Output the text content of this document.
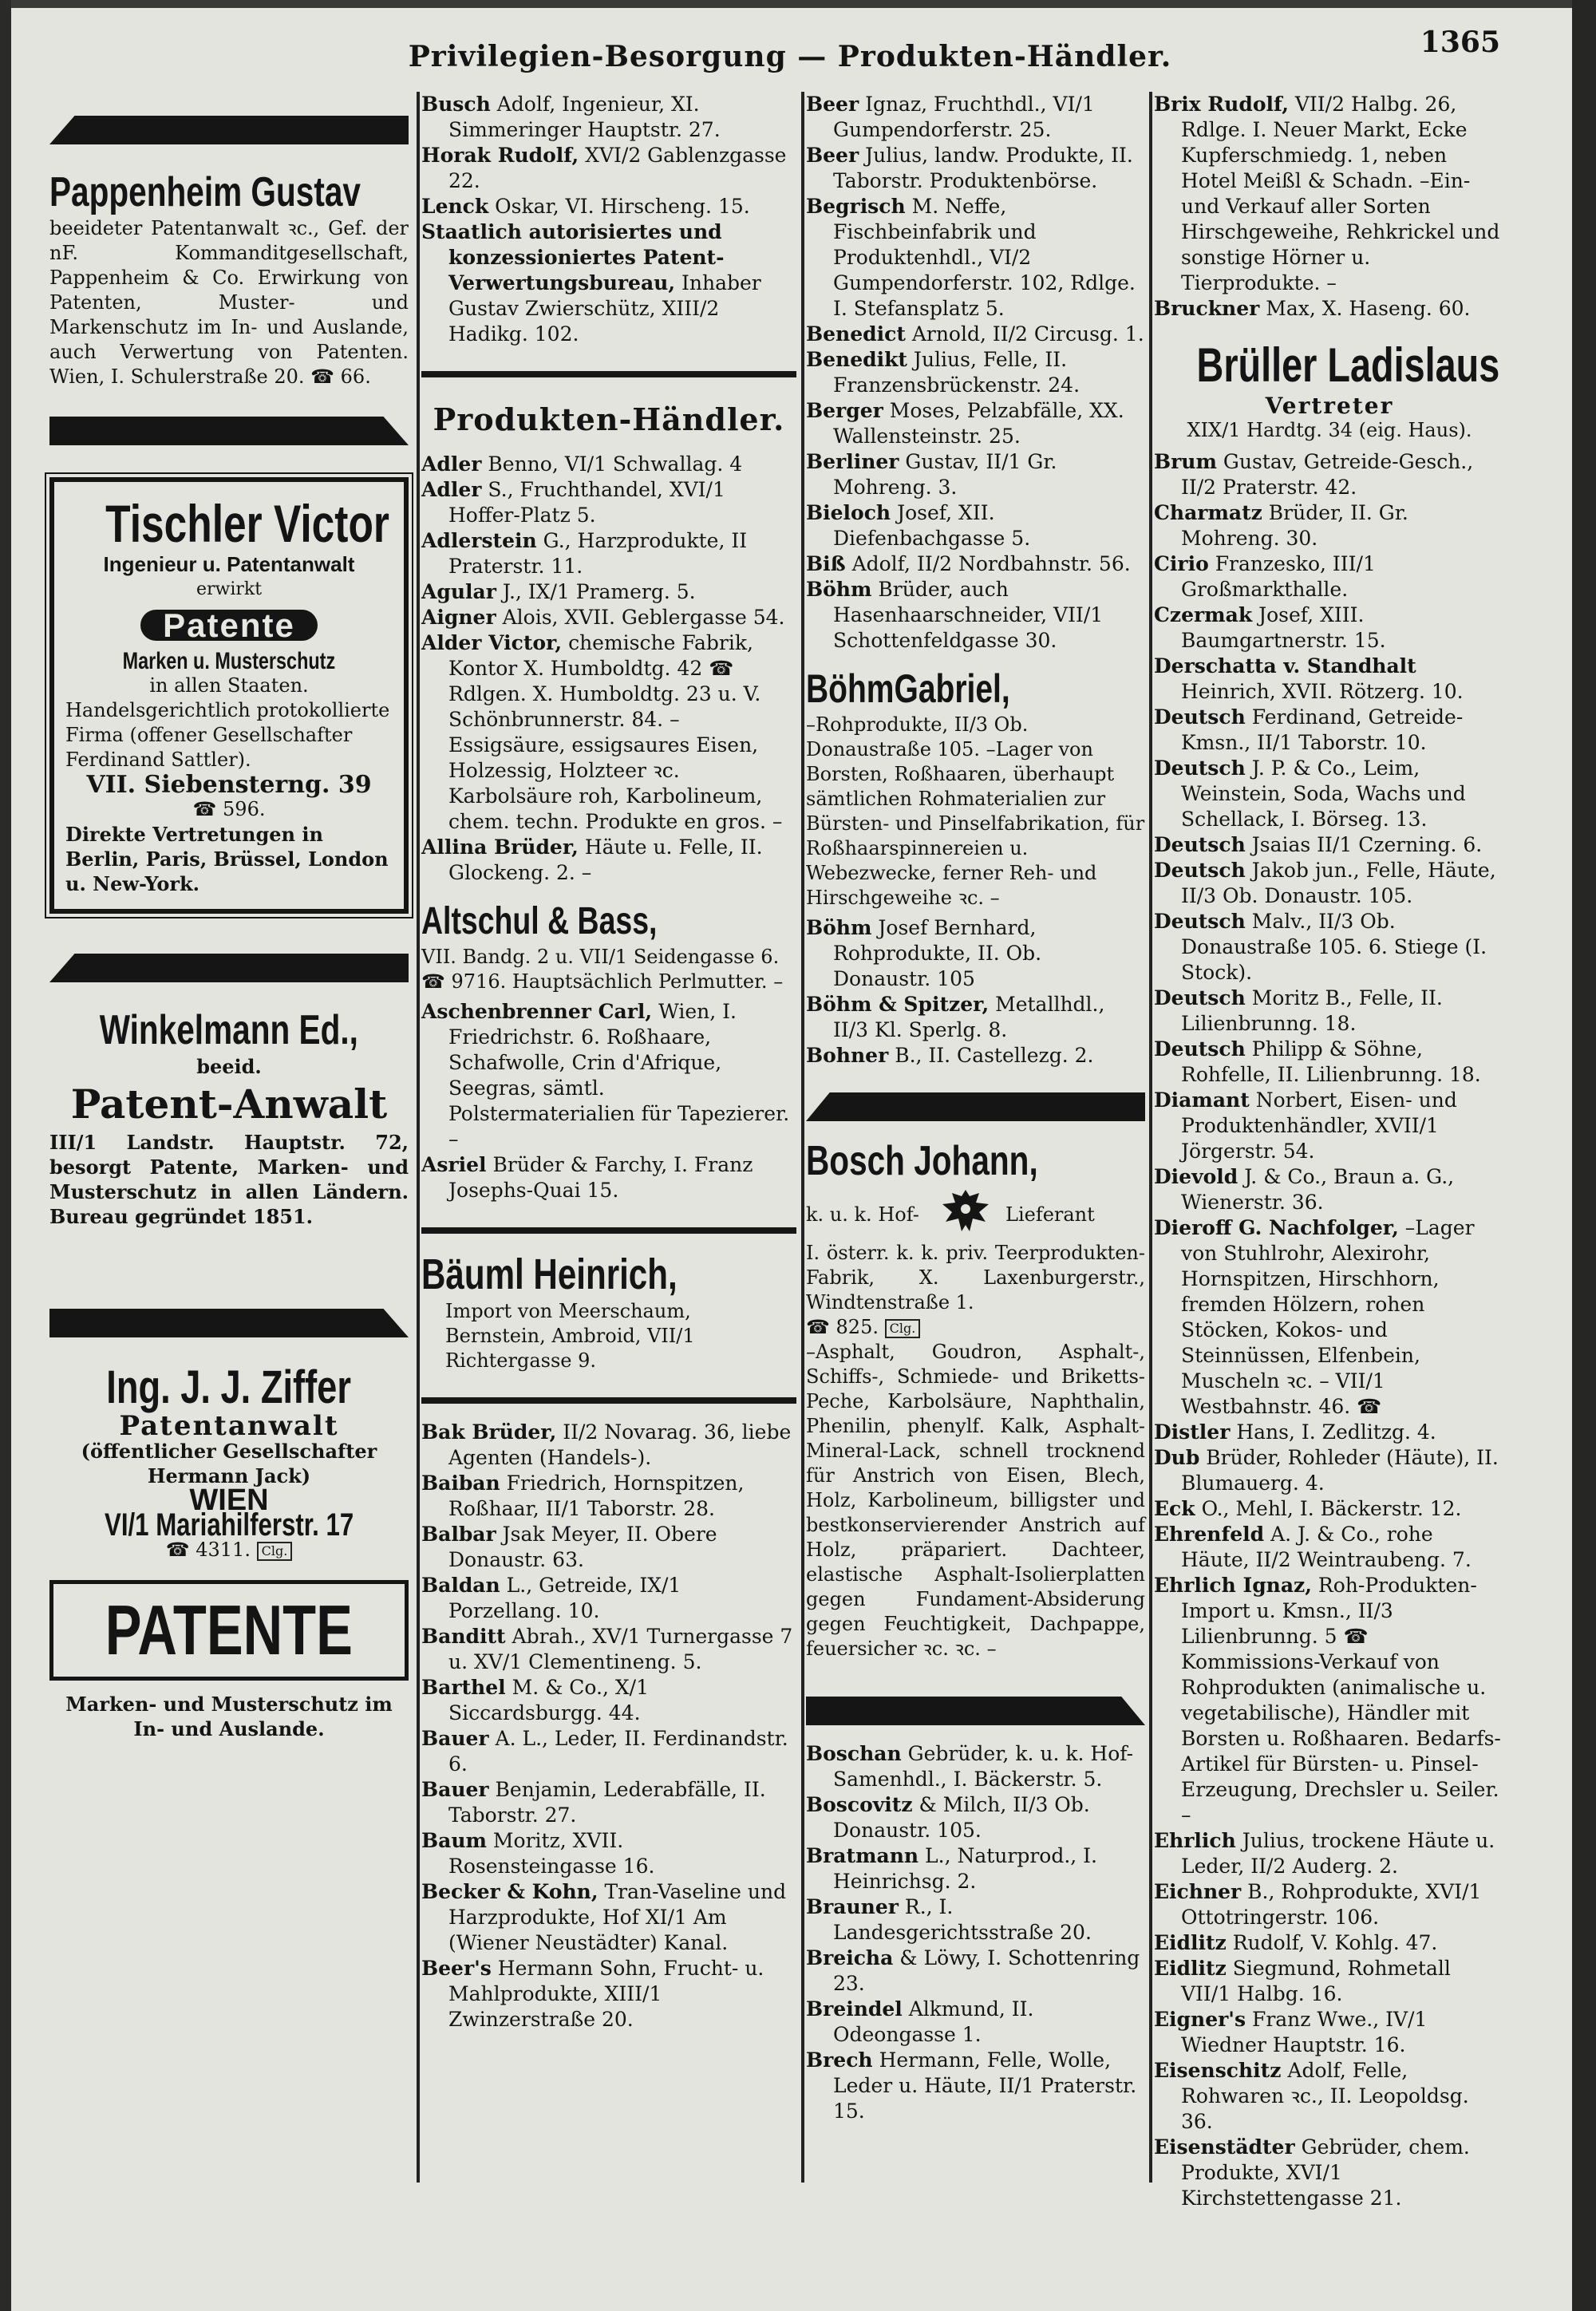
Privilegien-Besorgung — Produkten-Händler.	1365
Pappenheim Gustav
beeideter Patentanwalt ꝛc., Gef. der nF. Kommanditgesellschaft, Pappenheim & Co. Erwirkung von Patenten, Muster- und Markenschutz im In- und Auslande, auch Verwertung von Patenten. Wien, I. Schulerstraße 20. ☎ 66.
Tischler Victor
Ingenieur u. Patentanwalt
erwirkt
Patente
Marken u. Musterschutz
in allen Staaten.
Handelsgerichtlich protokollierte Firma (offener Gesellschafter Ferdinand Sattler).
VII. Siebensterng. 39
☎ 596.
Direkte Vertretungen in Berlin, Paris, Brüssel, London u. New-York.
Winkelmann Ed.,
beeid.
Patent-Anwalt
III/1 Landstr. Hauptstr. 72, besorgt Patente, Marken- und Musterschutz in allen Ländern. Bureau gegründet 1851.
Ing. J. J. Ziffer
Patentanwalt
(öffentlicher Gesellschafter Hermann Jack)
WIEN
VI/1 Mariahilferstr. 17
☎ 4311. Clg.
PATENTE
Marken- und Musterschutz im In- und Auslande.

Busch Adolf, Ingenieur, XI. Simmeringer Hauptstr. 27.

Horak Rudolf, XVI/2 Gablenzgasse 22.

Lenck Oskar, VI. Hirscheng. 15.

Staatlich autorisiertes und konzessioniertes Patent-Verwertungsbureau, Inhaber Gustav Zwierschütz, XIII/2 Hadikg. 102.

Produkten-Händler.

Adler Benno, VI/1 Schwallag. 4

Adler S., Fruchthandel, XVI/1 Hoffer-Platz 5.

Adlerstein G., Harzprodukte, II Praterstr. 11.

Agular J., IX/1 Pramerg. 5.

Aigner Alois, XVII. Geblergasse 54.

Alder Victor, chemische Fabrik, Kontor X. Humboldtg. 42 ☎ Rdlgen. X. Humboldtg. 23 u. V. Schönbrunnerstr. 84. – Essigsäure, essigsaures Eisen, Holzessig, Holzteer ꝛc. Karbolsäure roh, Karbolineum, chem. techn. Produkte en gros. –

Allina Brüder, Häute u. Felle, II. Glockeng. 2. –

Altschul & Bass,
VII. Bandg. 2 u. VII/1 Seidengasse 6. ☎ 9716. Hauptsächlich Perlmutter. –

Aschenbrenner Carl, Wien, I. Friedrichstr. 6. Roßhaare, Schafwolle, Crin d'Afrique, Seegras, sämtl. Polstermaterialien für Tapezierer. –

Asriel Brüder & Farchy, I. Franz Josephs-Quai 15.

Bäuml Heinrich,
Import von Meerschaum, Bernstein, Ambroid, VII/1 Richtergasse 9.

Bak Brüder, II/2 Novarag. 36, liebe Agenten (Handels-).

Baiban Friedrich, Hornspitzen, Roßhaar, II/1 Taborstr. 28.

Balbar Jsak Meyer, II. Obere Donaustr. 63.

Baldan L., Getreide, IX/1 Porzellang. 10.

Banditt Abrah., XV/1 Turnergasse 7 u. XV/1 Clementineng. 5.

Barthel M. & Co., X/1 Siccardsburgg. 44.

Bauer A. L., Leder, II. Ferdinandstr. 6.

Bauer Benjamin, Lederabfälle, II. Taborstr. 27.

Baum Moritz, XVII. Rosensteingasse 16.

Becker & Kohn, Tran-Vaseline und Harzprodukte, Hof XI/1 Am (Wiener Neustädter) Kanal.

Beer's Hermann Sohn, Frucht- u. Mahlprodukte, XIII/1 Zwinzerstraße 20.

Beer Ignaz, Fruchthdl., VI/1 Gumpendorferstr. 25.

Beer Julius, landw. Produkte, II. Taborstr. Produktenbörse.

Begrisch M. Neffe, Fischbeinfabrik und Produktenhdl., VI/2 Gumpendorferstr. 102, Rdlge. I. Stefansplatz 5.

Benedict Arnold, II/2 Circusg. 1.

Benedikt Julius, Felle, II. Franzensbrückenstr. 24.

Berger Moses, Pelzabfälle, XX. Wallensteinstr. 25.

Berliner Gustav, II/1 Gr. Mohreng. 3.

Bieloch Josef, XII. Diefenbachgasse 5.

Biß Adolf, II/2 Nordbahnstr. 56.

Böhm Brüder, auch Hasenhaarschneider, VII/1 Schottenfeldgasse 30.

BöhmGabriel,
–Rohprodukte, II/3 Ob. Donaustraße 105. –Lager von Borsten, Roßhaaren, überhaupt sämtlichen Rohmaterialien zur Bürsten- und Pinselfabrikation, für Roßhaarspinnereien u. Webezwecke, ferner Reh- und Hirschgeweihe ꝛc. –

Böhm Josef Bernhard, Rohprodukte, II. Ob. Donaustr. 105

Böhm & Spitzer, Metallhdl., II/3 Kl. Sperlg. 8.

Bohner B., II. Castellezg. 2.

Bosch Johann,
k. u. k. Hof-	Lieferant
I. österr. k. k. priv. Teerprodukten-Fabrik, X. Laxenburgerstr., Windtenstraße 1.
☎ 825. Clg.
–Asphalt, Goudron, Asphalt-, Schiffs-, Schmiede- und Briketts-Peche, Karbolsäure, Naphthalin, Phenilin, phenylf. Kalk, Asphalt-Mineral-Lack, schnell trocknend für Anstrich von Eisen, Blech, Holz, Karbolineum, billigster und bestkonservierender Anstrich auf Holz, präpariert. Dachteer, elastische Asphalt-Isolierplatten gegen Fundament-Absiderung gegen Feuchtigkeit, Dachpappe, feuersicher ꝛc. ꝛc. –

Boschan Gebrüder, k. u. k. Hof-Samenhdl., I. Bäckerstr. 5.

Boscovitz & Milch, II/3 Ob. Donaustr. 105.

Bratmann L., Naturprod., I. Heinrichsg. 2.

Brauner R., I. Landesgerichtsstraße 20.

Breicha & Löwy, I. Schottenring 23.

Breindel Alkmund, II. Odeongasse 1.

Brech Hermann, Felle, Wolle, Leder u. Häute, II/1 Praterstr. 15.

Brix Rudolf, VII/2 Halbg. 26, Rdlge. I. Neuer Markt, Ecke Kupferschmiedg. 1, neben Hotel Meißl & Schadn. –Ein- und Verkauf aller Sorten Hirschgeweihe, Rehkrickel und sonstige Hörner u. Tierprodukte. –

Bruckner Max, X. Haseng. 60.

Brüller Ladislaus
Vertreter
XIX/1 Hardtg. 34 (eig. Haus).

Brum Gustav, Getreide-Gesch., II/2 Praterstr. 42.

Charmatz Brüder, II. Gr. Mohreng. 30.

Cirio Franzesko, III/1 Großmarkthalle.

Czermak Josef, XIII. Baumgartnerstr. 15.

Derschatta v. Standhalt Heinrich, XVII. Rötzerg. 10.

Deutsch Ferdinand, Getreide-Kmsn., II/1 Taborstr. 10.

Deutsch J. P. & Co., Leim, Weinstein, Soda, Wachs und Schellack, I. Börseg. 13.

Deutsch Jsaias II/1 Czerning. 6.

Deutsch Jakob jun., Felle, Häute, II/3 Ob. Donaustr. 105.

Deutsch Malv., II/3 Ob. Donaustraße 105. 6. Stiege (I. Stock).

Deutsch Moritz B., Felle, II. Lilienbrunng. 18.

Deutsch Philipp & Söhne, Rohfelle, II. Lilienbrunng. 18.

Diamant Norbert, Eisen- und Produktenhändler, XVII/1 Jörgerstr. 54.

Dievold J. & Co., Braun a. G., Wienerstr. 36.

Dieroff G. Nachfolger, –Lager von Stuhlrohr, Alexirohr, Hornspitzen, Hirschhorn, fremden Hölzern, rohen Stöcken, Kokos- und Steinnüssen, Elfenbein, Muscheln ꝛc. – VII/1 Westbahnstr. 46. ☎

Distler Hans, I. Zedlitzg. 4.

Dub Brüder, Rohleder (Häute), II. Blumauerg. 4.

Eck O., Mehl, I. Bäckerstr. 12.

Ehrenfeld A. J. & Co., rohe Häute, II/2 Weintraubeng. 7.

Ehrlich Ignaz, Roh-Produkten-Import u. Kmsn., II/3 Lilienbrunng. 5 ☎ Kommissions-Verkauf von Rohprodukten (animalische u. vegetabilische), Händler mit Borsten u. Roßhaaren. Bedarfs-Artikel für Bürsten- u. Pinsel-Erzeugung, Drechsler u. Seiler. –

Ehrlich Julius, trockene Häute u. Leder, II/2 Auderg. 2.

Eichner B., Rohprodukte, XVI/1 Ottotringerstr. 106.

Eidlitz Rudolf, V. Kohlg. 47.

Eidlitz Siegmund, Rohmetall VII/1 Halbg. 16.

Eigner's Franz Wwe., IV/1 Wiedner Hauptstr. 16.

Eisenschitz Adolf, Felle, Rohwaren ꝛc., II. Leopoldsg. 36.

Eisenstädter Gebrüder, chem. Produkte, XVI/1 Kirchstettengasse 21.
